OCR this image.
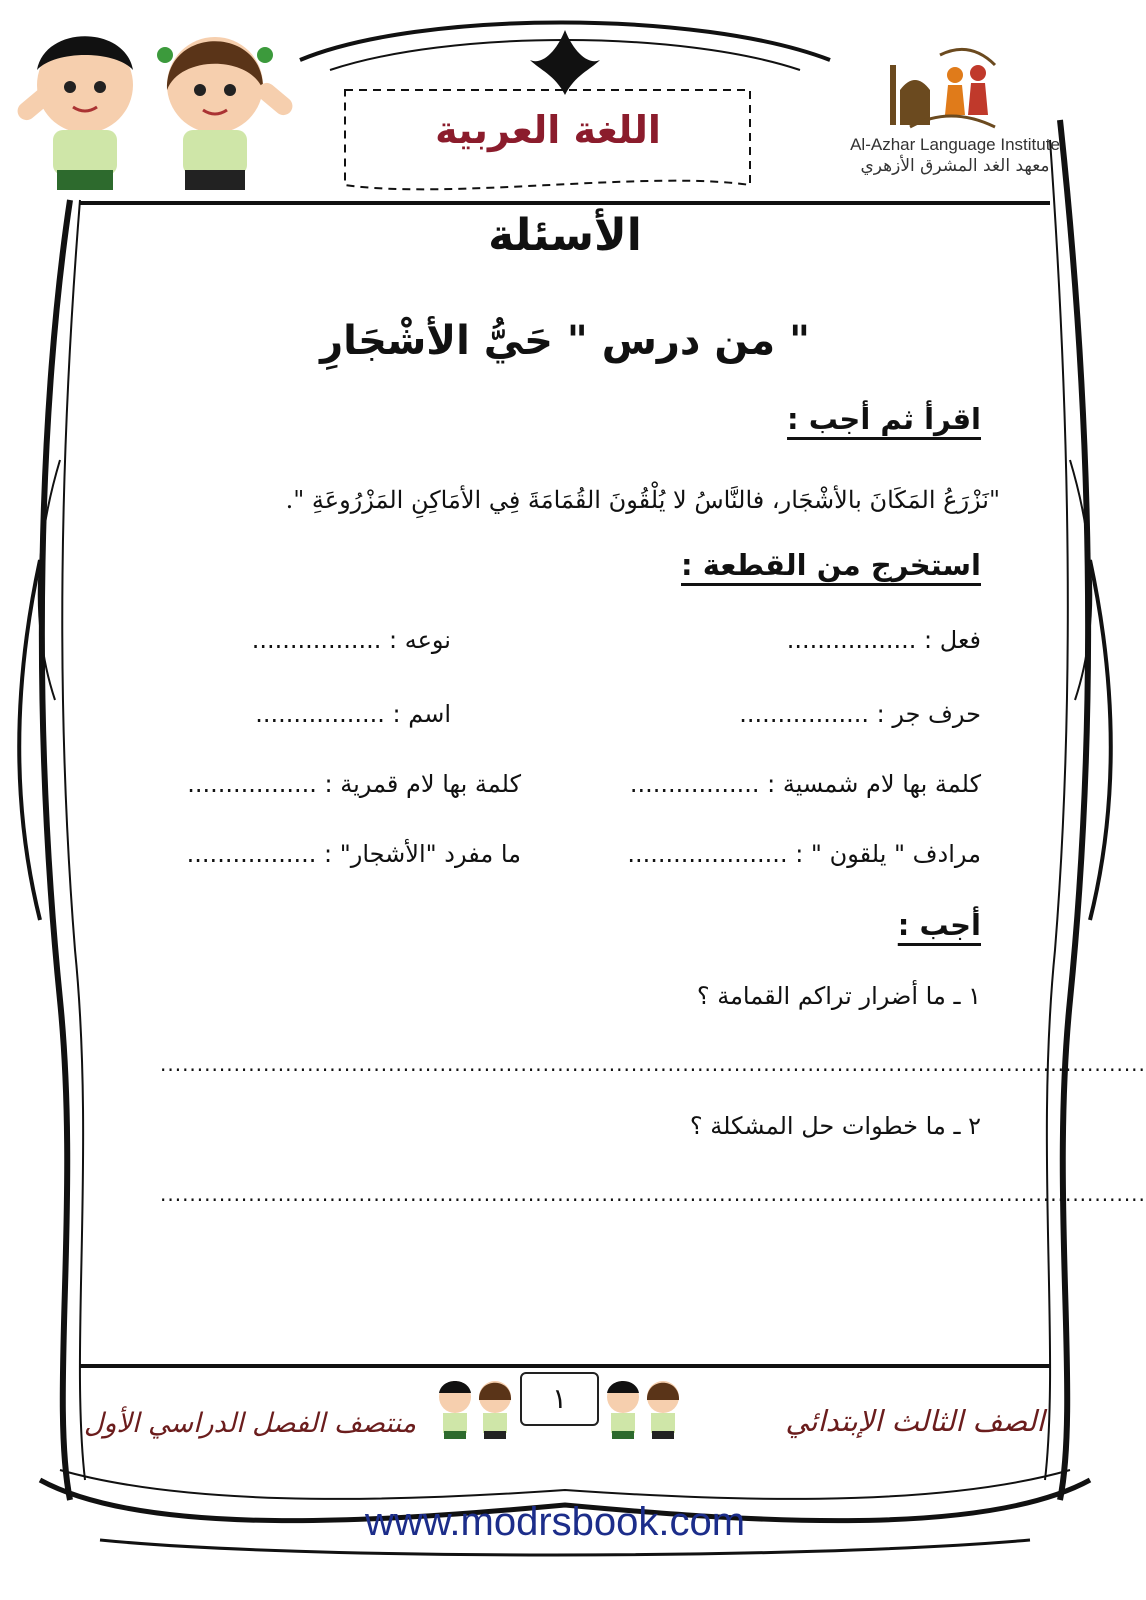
Al-Azhar Language Institute
معهد الغد المشرق الأزهري
اللغة العربية
الأسئلة
من درس " حَيُّ الأشْجَارِ "
اقرأ ثم أجب :
"نَزْرَعُ المَكَانَ بالأشْجَار، فالنَّاسُ لا يُلْقُونَ القُمَامَةَ فِي الأمَاكِنِ المَزْرُوعَةِ ".
استخرج من القطعة :
فعل : .................
نوعه : .................
حرف جر : .................
اسم : .................
كلمة بها لام شمسية : .................
كلمة بها لام قمرية : .................
مرادف " يلقون " : .....................
ما مفرد "الأشجار" : .................
أجب :
١ ـ ما أضرار تراكم القمامة ؟
......................................................................................................................................
٢ ـ ما خطوات حل المشكلة ؟
......................................................................................................................................
منتصف الفصل الدراسي الأول	الصف الثالث الإبتدائي
١
www.modrsbook.com
